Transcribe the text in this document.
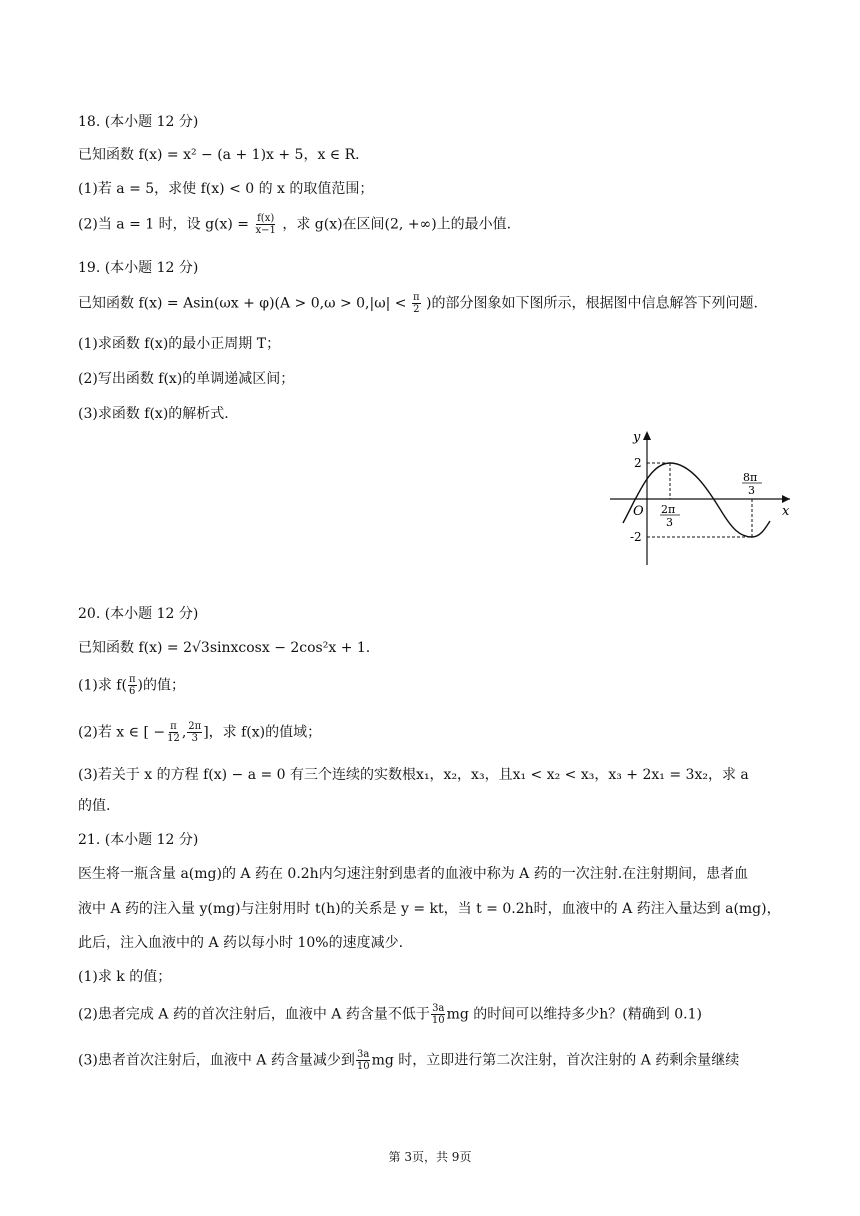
18. (本小题 12 分)
已知函数 f(x) = x² − (a + 1)x + 5，x ∈ R.
(1)若 a = 5，求使 f(x) < 0 的 x 的取值范围；
(2)当 a = 1 时，设 $g(x) = \frac{f(x)}{x-1}$ ，求 g(x)在区间(2, +∞)上的最小值.
19. (本小题 12 分)
已知函数 $f(x) = Asin(\omega x + \varphi)(A > 0,\omega > 0,|\omega| < \frac{\pi}{2}$ )的部分图象如下图所示，根据图中信息解答下列问题.
(1)求函数 f(x)的最小正周期 T；
(2)写出函数 f(x)的单调递减区间；
(3)求函数 f(x)的解析式.
y
x
O
2
-2
2π
3
8π
3
20. (本小题 12 分)
已知函数 f(x) = 2√3sinxcosx − 2cos²x + 1.
(1)求 $f( \frac{\pi}{6}$ )的值；
(2)若 x ∈ [ − $\frac{\pi}{12}$ , $\frac{2\pi}{3}$ ]，求 f(x)的值域；
(3)若关于 x 的方程 f(x) − a = 0 有三个连续的实数根x₁，x₂，x₃，且x₁ < x₂ < x₃，x₃ + 2x₁ = 3x₂，求 a
的值.
21. (本小题 12 分)
医生将一瓶含量 a(mg)的 A 药在 0.2h内匀速注射到患者的血液中称为 A 药的一次注射.在注射期间，患者血
液中 A 药的注入量 y(mg)与注射用时 t(h)的关系是 y = kt，当 t = 0.2h时，血液中的 A 药注入量达到 a(mg)，
此后，注入血液中的 A 药以每小时 10%的速度减少.
(1)求 k 的值；
(2)患者完成 A 药的首次注射后，血液中 A 药含量不低于 $\frac{3a}{10}$ mg 的时间可以维持多少h？(精确到 0.1)
(3)患者首次注射后，血液中 A 药含量减少到 $\frac{3a}{10}$ mg 时，立即进行第二次注射，首次注射的 A 药剩余量继续
第 3页，共 9页
